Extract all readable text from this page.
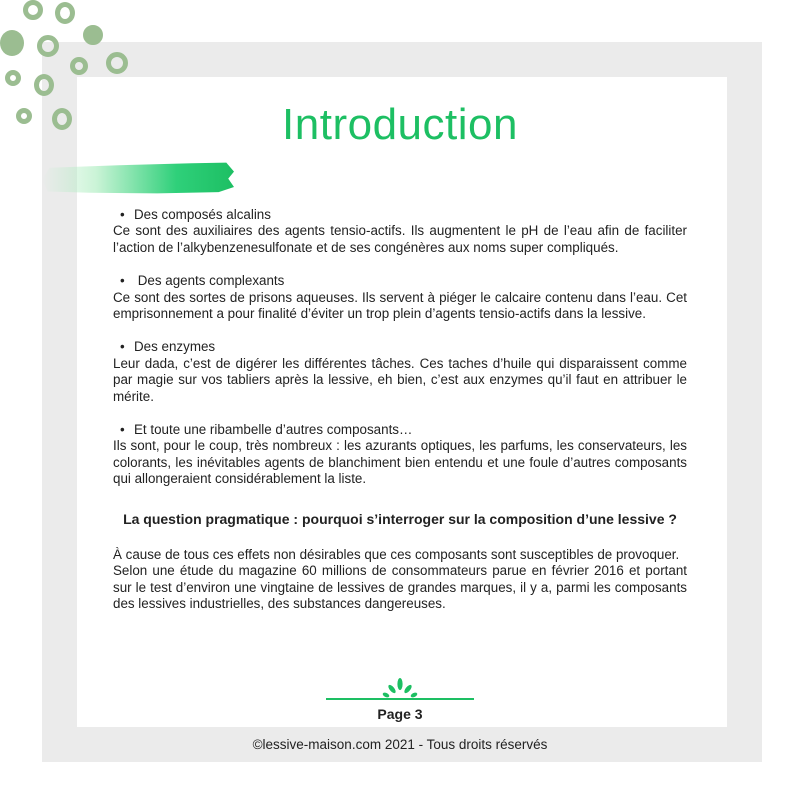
Introduction

• Des composés alcalins

Ce sont des auxiliaires des agents tensio-actifs. Ils augmentent le pH de l’eau afin de faciliter l’action de l’alkybenzenesulfonate et de ses congénères aux noms super compliqués.

• Des agents complexants

Ce sont des sortes de prisons aqueuses. Ils servent à piéger le calcaire contenu dans l’eau. Cet emprisonnement a pour finalité d’éviter un trop plein d’agents tensio-actifs dans la lessive.

• Des enzymes

Leur dada, c’est de digérer les différentes tâches. Ces taches d’huile qui disparaissent comme par magie sur vos tabliers après la lessive, eh bien, c’est aux enzymes qu’il faut en attribuer le mérite.

• Et toute une ribambelle d’autres composants…

Ils sont, pour le coup, très nombreux : les azurants optiques, les parfums, les conservateurs, les colorants, les inévitables agents de blanchiment bien entendu et une foule d’autres composants qui allongeraient considérablement la liste.

La question pragmatique : pourquoi s’interroger sur la composition d’une lessive ?

À cause de tous ces effets non désirables que ces composants sont susceptibles de provoquer.

Selon une étude du magazine 60 millions de consommateurs parue en février 2016 et portant sur le test d’environ une vingtaine de lessives de grandes marques, il y a, parmi les composants des lessives industrielles, des substances dangereuses.

Page 3
©lessive-maison.com 2021 - Tous droits réservés
